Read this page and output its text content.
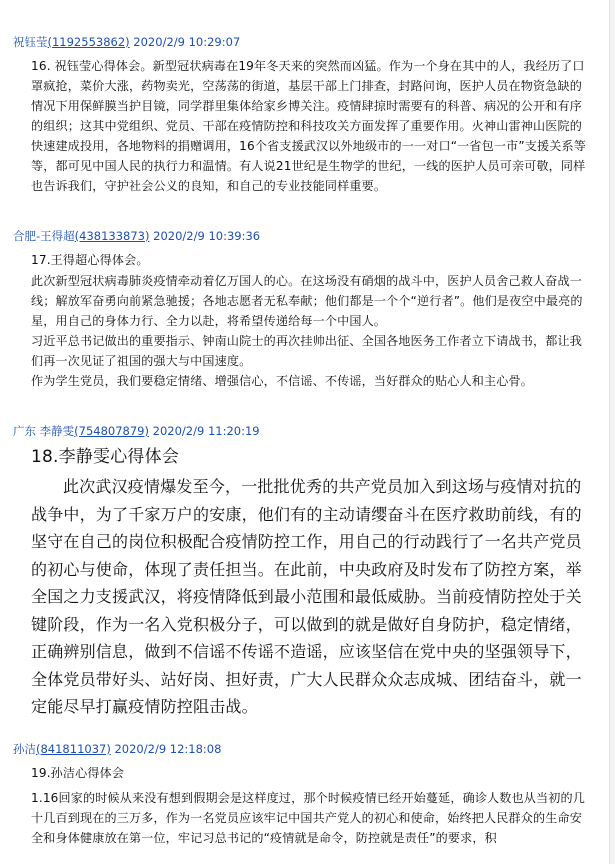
祝钰莹(1192553862) 2020/2/9 10:29:07

16. 祝钰莹心得体会。新型冠状病毒在19年冬天来的突然而凶猛。作为一个身在其中的人，我经历了口罩疯抢，菜价大涨，药物卖光，空荡荡的街道，基层干部上门排查，封路问询，医护人员在物资急缺的情况下用保鲜膜当护目镜，同学群里集体给家乡博关注。疫情肆掠时需要有的科普、病况的公开和有序的组织；这其中党组织、党员、干部在疫情防控和科技攻关方面发挥了重要作用。火神山雷神山医院的快速建成投用，各地物料的捐赠调用，16个省支援武汉以外地级市的一一对口“一省包一市”支援关系等等，都可见中国人民的执行力和温情。有人说21世纪是生物学的世纪，一线的医护人员可亲可敬，同样也告诉我们，守护社会公义的良知，和自己的专业技能同样重要。

合肥-王得超(438133873) 2020/2/9 10:39:36

17.王得超心得体会。

此次新型冠状病毒肺炎疫情牵动着亿万国人的心。在这场没有硝烟的战斗中，医护人员舍己救人奋战一线；解放军奋勇向前紧急驰援；各地志愿者无私奉献；他们都是一个个“逆行者”。他们是夜空中最亮的星，用自己的身体力行、全力以赴，将希望传递给每一个中国人。

习近平总书记做出的重要指示、钟南山院士的再次挂帅出征、全国各地医务工作者立下请战书，都让我们再一次见证了祖国的强大与中国速度。

作为学生党员，我们要稳定情绪、增强信心，不信谣、不传谣，当好群众的贴心人和主心骨。

广东 李静雯(754807879) 2020/2/9 11:20:19

18.李静雯心得体会

此次武汉疫情爆发至今，一批批优秀的共产党员加入到这场与疫情对抗的战争中，为了千家万户的安康，他们有的主动请缨奋斗在医疗救助前线，有的坚守在自己的岗位积极配合疫情防控工作，用自己的行动践行了一名共产党员的初心与使命，体现了责任担当。在此前，中央政府及时发布了防控方案，举全国之力支援武汉，将疫情降低到最小范围和最低威胁。当前疫情防控处于关键阶段，作为一名入党积极分子，可以做到的就是做好自身防护，稳定情绪，正确辨别信息，做到不信谣不传谣不造谣，应该坚信在党中央的坚强领导下，全体党员带好头、站好岗、担好责，广大人民群众众志成城、团结奋斗，就一定能尽早打赢疫情防控阻击战。

孙洁(841811037) 2020/2/9 12:18:08

19.孙洁心得体会

1.16回家的时候从来没有想到假期会是这样度过，那个时候疫情已经开始蔓延，确诊人数也从当初的几十几百到现在的三万多，作为一名党员应该牢记中国共产党人的初心和使命，始终把人民群众的生命安全和身体健康放在第一位，牢记习总书记的“疫情就是命令，防控就是责任”的要求，积
